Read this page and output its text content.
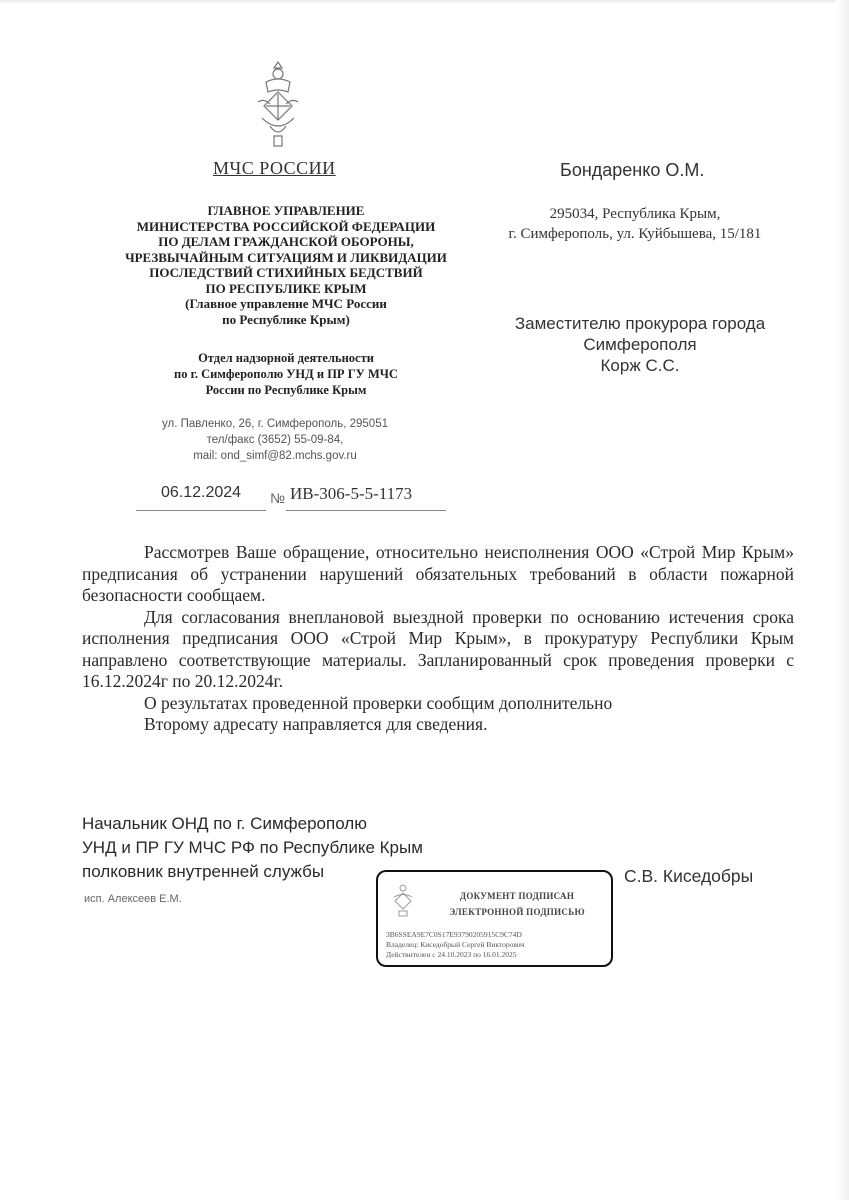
МЧС РОССИИ
ГЛАВНОЕ УПРАВЛЕНИЕ
МИНИСТЕРСТВА РОССИЙСКОЙ ФЕДЕРАЦИИ
ПО ДЕЛАМ ГРАЖДАНСКОЙ ОБОРОНЫ,
ЧРЕЗВЫЧАЙНЫМ СИТУАЦИЯМ И ЛИКВИДАЦИИ
ПОСЛЕДСТВИЙ СТИХИЙНЫХ БЕДСТВИЙ
ПО РЕСПУБЛИКЕ КРЫМ
(Главное управление МЧС России
по Республике Крым)
Отдел надзорной деятельности
по г. Симферополю УНД и ПР ГУ МЧС
России по Республике Крым
ул. Павленко, 26, г. Симферополь, 295051
тел/факс (3652) 55-09-84,
mail: ond_simf@82.mchs.gov.ru
06.12.2024	№ ИВ-306-5-5-1173
Бондаренко О.М.
295034, Республика Крым,
г. Симферополь, ул. Куйбышева, 15/181
Заместителю прокурора города
Симферополя
Корж С.С.

Рассмотрев Ваше обращение, относительно неисполнения ООО «Строй Мир Крым» предписания об устранении нарушений обязательных требований в области пожарной безопасности сообщаем.

Для согласования внеплановой выездной проверки по основанию истечения срока исполнения предписания ООО «Строй Мир Крым», в прокуратуру Республики Крым направлено соответствующие материалы. Запланированный срок проведения проверки с 16.12.2024г по 20.12.2024г.

О результатах проведенной проверки сообщим дополнительно

Второму адресату направляется для сведения.

Начальник ОНД по г. Симферополю
УНД и ПР ГУ МЧС РФ по Республике Крым
полковник внутренней службы	С.В. Киседобры
исп. Алексеев Е.М.	ДОКУМЕНТ ПОДПИСАН
ЭЛЕКТРОННОЙ ПОДПИСЬЮ
3B6SSEA9E7C0S17E93790205915C9C74D
Владелец: Киседобрый Сергей Викторович
Действителен с 24.10.2023 по 16.01.2025
